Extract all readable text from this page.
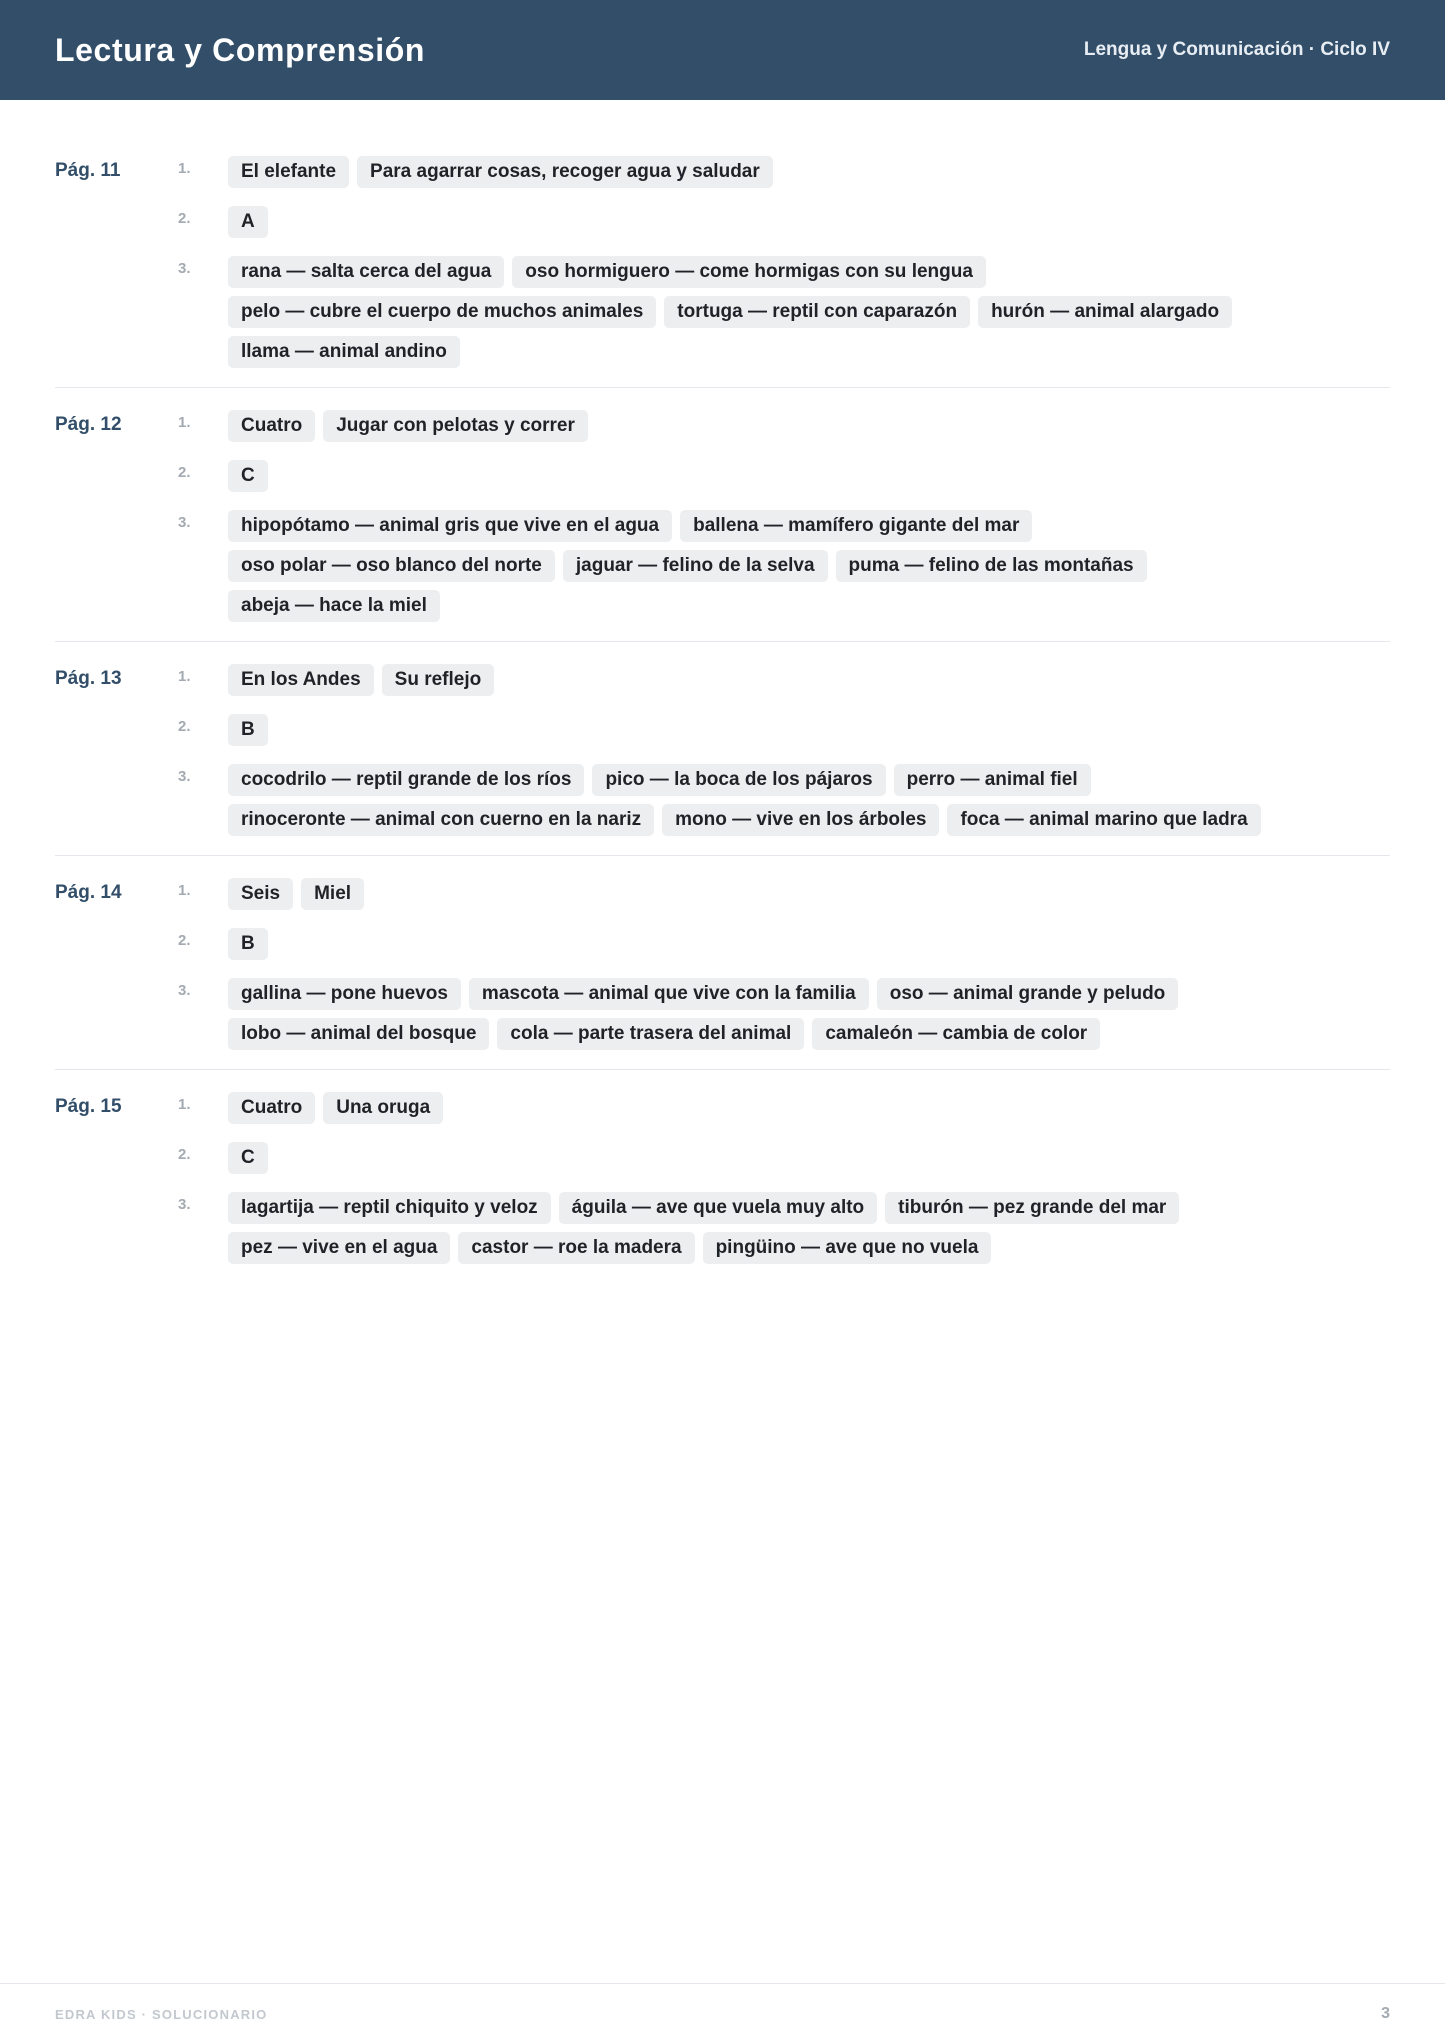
Lectura y Comprensión	Lengua y Comunicación · Ciclo IV
Pág. 11	1.	El elefante	Para agarrar cosas, recoger agua y saludar
2.	A
3.	rana — salta cerca del agua	oso hormiguero — come hormigas con su lengua
pelo — cubre el cuerpo de muchos animales	tortuga — reptil con caparazón	hurón — animal alargado
llama — animal andino
Pág. 12	1.	Cuatro	Jugar con pelotas y correr
2.	C
3.	hipopótamo — animal gris que vive en el agua	ballena — mamífero gigante del mar
oso polar — oso blanco del norte	jaguar — felino de la selva	puma — felino de las montañas
abeja — hace la miel
Pág. 13	1.	En los Andes	Su reflejo
2.	B
3.	cocodrilo — reptil grande de los ríos	pico — la boca de los pájaros	perro — animal fiel
rinoceronte — animal con cuerno en la nariz	mono — vive en los árboles	foca — animal marino que ladra
Pág. 14	1.	Seis	Miel
2.	B
3.	gallina — pone huevos	mascota — animal que vive con la familia	oso — animal grande y peludo
lobo — animal del bosque	cola — parte trasera del animal	camaleón — cambia de color
Pág. 15	1.	Cuatro	Una oruga
2.	C
3.	lagartija — reptil chiquito y veloz	águila — ave que vuela muy alto	tiburón — pez grande del mar
pez — vive en el agua	castor — roe la madera	pingüino — ave que no vuela
EDRA KIDS · SOLUCIONARIO	3
